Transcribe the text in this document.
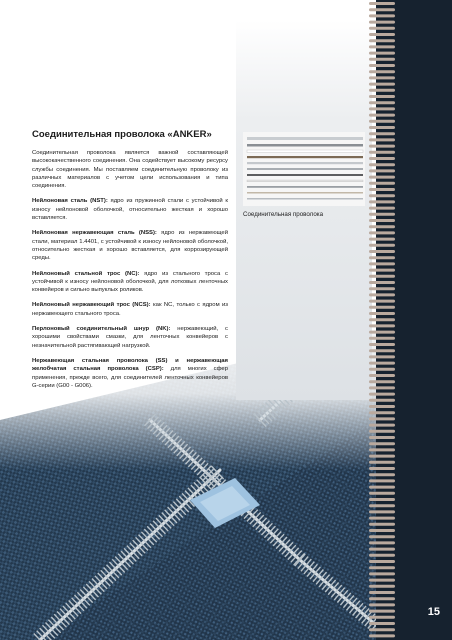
Соединительная проволока
Соединительная проволока «ANKER»

Соединительная проволока является важной составляющей высококачественного соединения. Она содействует высокому ресурсу службы соединения. Мы поставляем соединительную проволоку из различных материалов с учетом цели использования и типа соединения.

Нейлоновая сталь (NST): ядро из пружинной стали с устойчивой к износу нейлоновой оболочкой, относительно жесткая и хорошо вставляется.

Нейлоновая нержавеющая сталь (NSS): ядро из нержавеющей стали, материал 1.4401, с устойчивой к износу нейлоновой оболочкой, относительно жесткая и хорошо вставляется, для коррозирующей среды.

Нейлоновый стальной трос (NC): ядро из стального троса с устойчивой к износу нейлоновой оболочкой, для лотковых ленточных конвейеров и сильно выпуклых роликов.

Нейлоновый нержавеющий трос (NCS): как NC, только с ядром из нержавеющего стального троса.

Перлоновый соединительный шнур (NK): нержавеющий, с хорошими свойствами смазки, для ленточных конвейеров с незначительной растягивающей нагрузкой.

Нержавеющая стальная проволока (SS) и нержавеющая желобчатая стальная проволока (CSP): для многих сфер применения, прежде всего, для соединителей ленточных конвейеров G-серии (G00 - G006).

15
